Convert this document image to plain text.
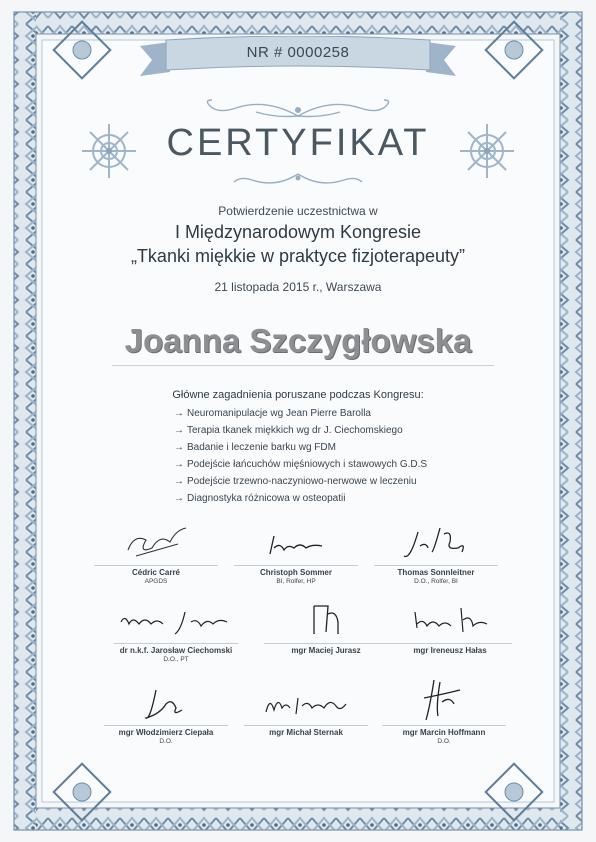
NR # 0000258
CERTYFIKAT
Potwierdzenie uczestnictwa w
I Międzynarodowym Kongresie
„Tkanki miękkie w praktyce fizjoterapeuty”
21 listopada 2015 r., Warszawa
Joanna Szczygłowska
Główne zagadnienia poruszane podczas Kongresu:
→ Neuromanipulacje wg Jean Pierre Barolla
→ Terapia tkanek miękkich wg dr J. Ciechomskiego
→ Badanie i leczenie barku wg FDM
→ Podejście łańcuchów mięśniowych i stawowych G.D.S
→ Podejście trzewno-naczyniowo-nerwowe w leczeniu
→ Diagnostyka różnicowa w osteopatii
Cédric Carré
APGDS
Christoph Sommer
BI, Rolfer, HP
Thomas Sonnleitner
D.O., Rolfer, BI
dr n.k.f. Jarosław Ciechomski
D.O., PT
mgr Maciej Jurasz	mgr Ireneusz Hałas
mgr Włodzimierz Ciepała
D.O.
mgr Michał Sternak	mgr Marcin Hoffmann
D.O.
